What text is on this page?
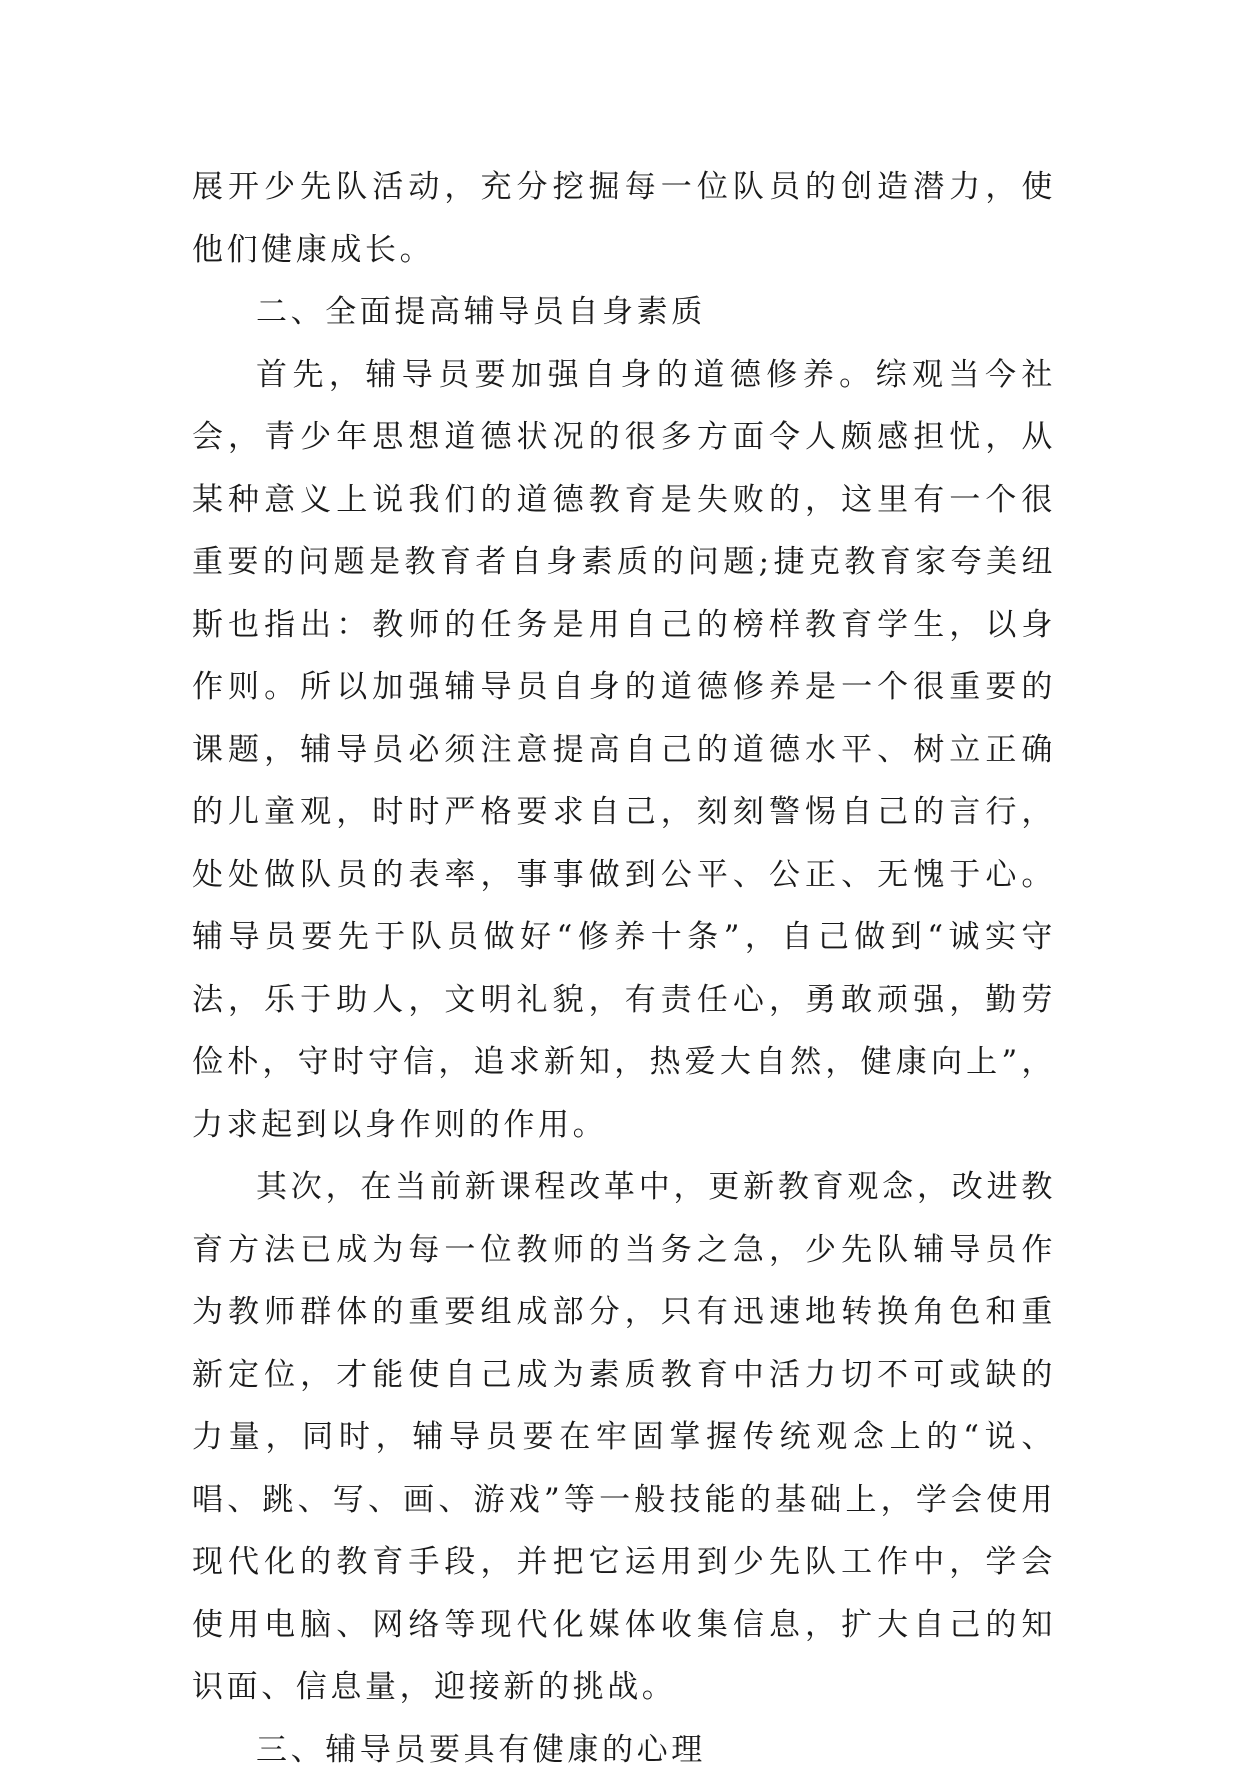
展开少先队活动，充分挖掘每一位队员的创造潜力，使他们健康成长。

二、全面提高辅导员自身素质

首先，辅导员要加强自身的道德修养。综观当今社会，青少年思想道德状况的很多方面令人颇感担忧，从某种意义上说我们的道德教育是失败的，这里有一个很重要的问题是教育者自身素质的问题;捷克教育家夸美纽斯也指出：教师的任务是用自己的榜样教育学生，以身作则。所以加强辅导员自身的道德修养是一个很重要的课题，辅导员必须注意提高自己的道德水平、树立正确的儿童观，时时严格要求自己，刻刻警惕自己的言行，处处做队员的表率，事事做到公平、公正、无愧于心。辅导员要先于队员做好“修养十条”，自己做到“诚实守法，乐于助人，文明礼貌，有责任心，勇敢顽强，勤劳俭朴，守时守信，追求新知，热爱大自然，健康向上”，力求起到以身作则的作用。

其次，在当前新课程改革中，更新教育观念，改进教育方法已成为每一位教师的当务之急，少先队辅导员作为教师群体的重要组成部分，只有迅速地转换角色和重新定位，才能使自己成为素质教育中活力切不可或缺的力量，同时，辅导员要在牢固掌握传统观念上的“说、唱、跳、写、画、游戏”等一般技能的基础上，学会使用现代化的教育手段，并把它运用到少先队工作中，学会使用电脑、网络等现代化媒体收集信息，扩大自己的知识面、信息量，迎接新的挑战。

三、辅导员要具有健康的心理
